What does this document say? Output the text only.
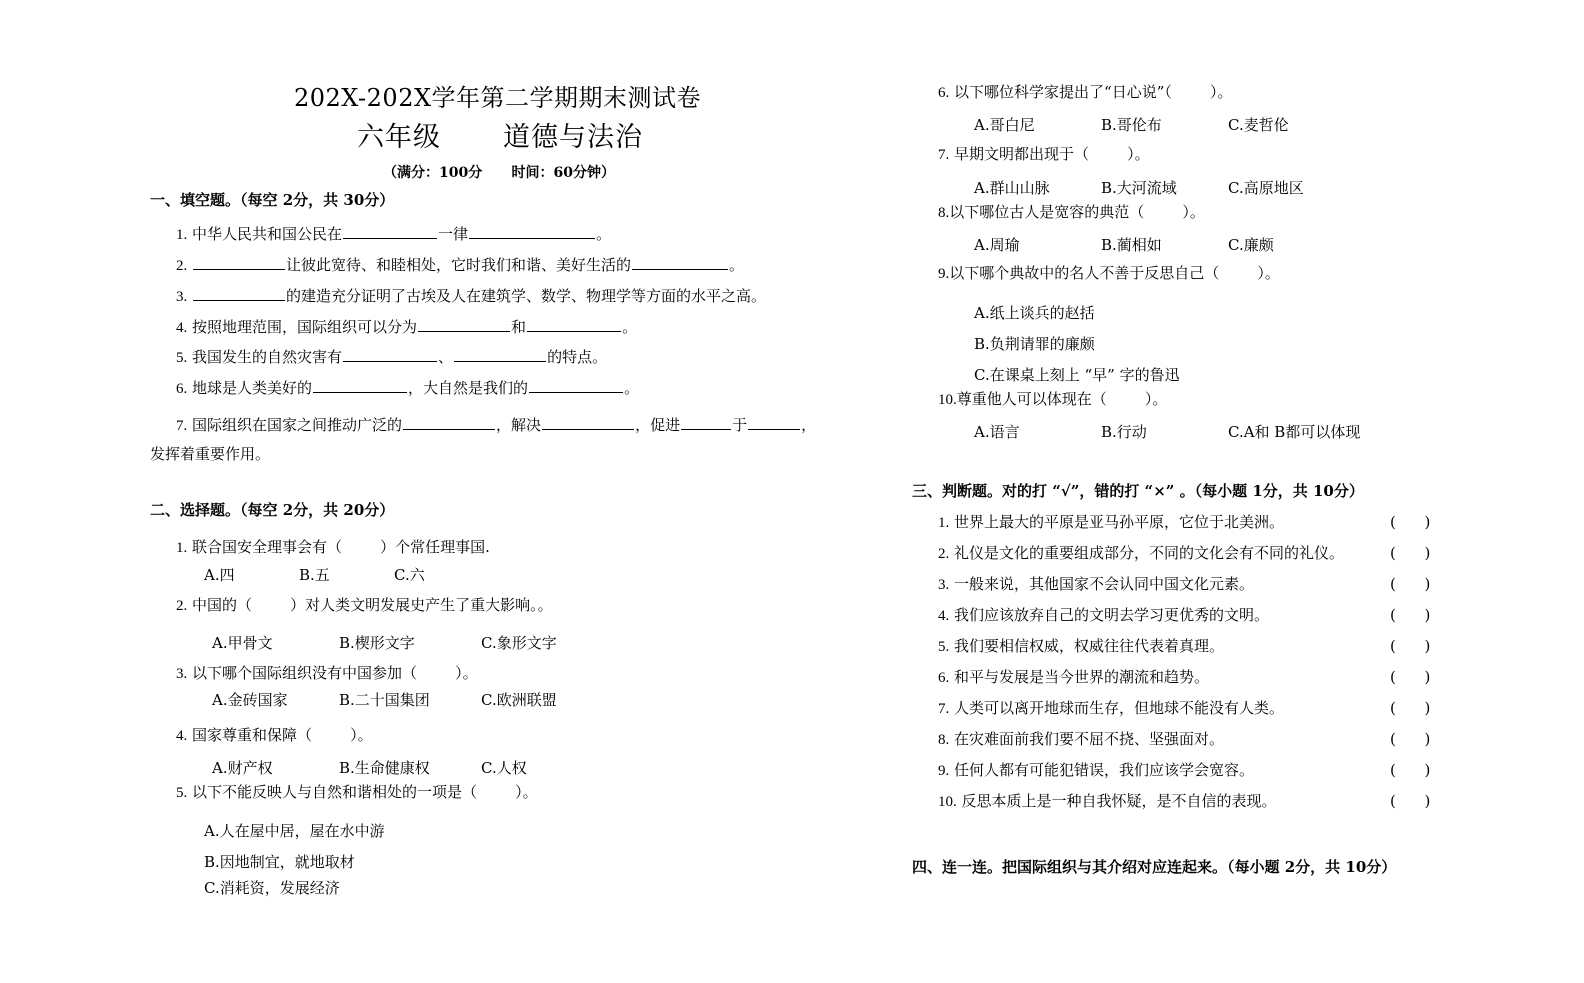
202X-202X学年第二学期期末测试卷
六年级 道德与法治
（满分：100分      时间：60分钟）
一、填空题。（每空 2分，共 30分）
1. 中华人民共和国公民在	一律	。
2.	让彼此宽待、和睦相处，它时我们和谐、美好生活的	。
3.	的建造充分证明了古埃及人在建筑学、数学、物理学等方面的水平之高。
4. 按照地理范围，国际组织可以分为	和	。
5. 我国发生的自然灾害有	、	的特点。
6. 地球是人类美好的	，大自然是我们的	。
7. 国际组织在国家之间推动广泛的	，解决	，促进	于	，
发挥着重要作用。
二、选择题。（每空 2分，共 20分）
1. 联合国安全理事会有（        ）个常任理事国.
A.四	B.五	C.六
2. 中国的（        ）对人类文明发展史产生了重大影响。。
A.甲骨文	B.楔形文字	C.象形文字
3. 以下哪个国际组织没有中国参加（        ）。
A.金砖国家	B.二十国集团	C.欧洲联盟
4. 国家尊重和保障（        ）。
A.财产权	B.生命健康权	C.人权
5. 以下不能反映人与自然和谐相处的一项是（        ）。
A.人在屋中居，屋在水中游
B.因地制宜，就地取材
C.消耗资，发展经济
6. 以下哪位科学家提出了“日心说”（        ）。
A.哥白尼	B.哥伦布	C.麦哲伦
7. 早期文明都出现于（        ）。
A.群山山脉	B.大河流域	C.高原地区
8.以下哪位古人是宽容的典范（        ）。
A.周瑜	B.蔺相如	C.廉颇
9.以下哪个典故中的名人不善于反思自己（        ）。
A.纸上谈兵的赵括
B.负荆请罪的廉颇
C.在课桌上刻上 “早” 字的鲁迅
10.尊重他人可以体现在（        ）。
A.语言	B.行动	C.A和 B都可以体现
三、判断题。对的打 “√”，错的打 “×” 。（每小题 1分，共 10分）
1. 世界上最大的平原是亚马孙平原，它位于北美洲。	(      )
2. 礼仪是文化的重要组成部分，不同的文化会有不同的礼仪。	(      )
3. 一般来说，其他国家不会认同中国文化元素。	(      )
4. 我们应该放弃自己的文明去学习更优秀的文明。	(      )
5. 我们要相信权威，权威往往代表着真理。	(      )
6. 和平与发展是当今世界的潮流和趋势。	(      )
7. 人类可以离开地球而生存，但地球不能没有人类。	(      )
8. 在灾难面前我们要不屈不挠、坚强面对。	(      )
9. 任何人都有可能犯错误，我们应该学会宽容。	(      )
10. 反思本质上是一种自我怀疑，是不自信的表现。	(      )
四、连一连。把国际组织与其介绍对应连起来。（每小题 2分，共 10分）
